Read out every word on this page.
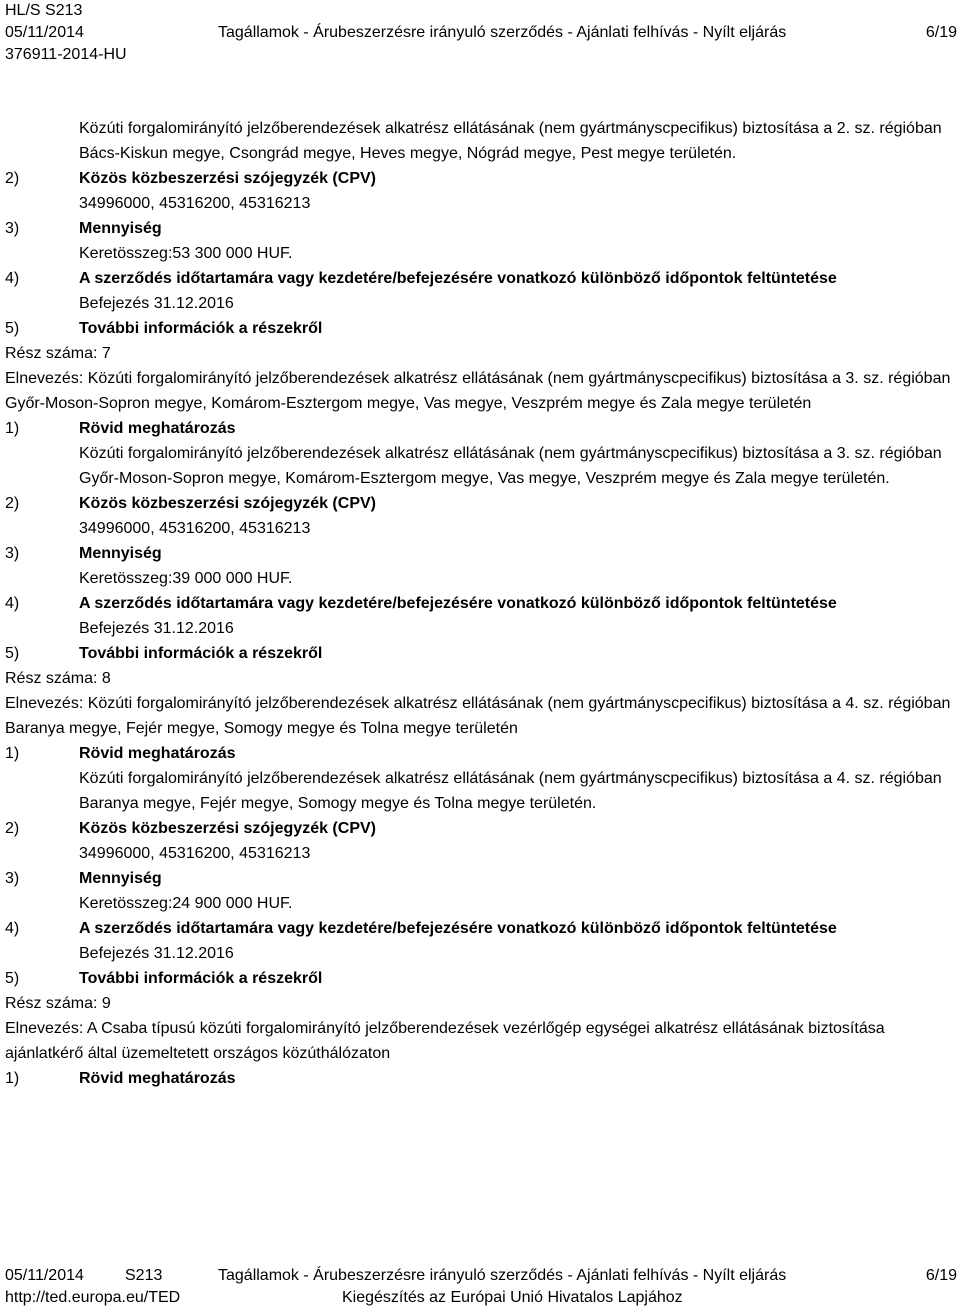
HL/S S213
05/11/2014	Tagállamok - Árubeszerzésre irányuló szerződés - Ajánlati felhívás - Nyílt eljárás	6/19
376911-2014-HU

Közúti forgalomirányító jelzőberendezések alkatrész ellátásának (nem gyártmányscpecifikus) biztosítása a 2. sz. régióban Bács-Kiskun megye, Csongrád megye, Heves megye, Nógrád megye, Pest megye területén.

2)	Közös közbeszerzési szójegyzék (CPV)

34996000, 45316200, 45316213

3)	Mennyiség

Keretösszeg:53 300 000 HUF.

4)	A szerződés időtartamára vagy kezdetére/befejezésére vonatkozó különböző időpontok feltüntetése

Befejezés 31.12.2016

5)	További információk a részekről

Rész száma: 7

Elnevezés: Közúti forgalomirányító jelzőberendezések alkatrész ellátásának (nem gyártmányscpecifikus) biztosítása a 3. sz. régióban Győr-Moson-Sopron megye, Komárom-Esztergom megye, Vas megye, Veszprém megye és Zala megye területén

1)	Rövid meghatározás

Közúti forgalomirányító jelzőberendezések alkatrész ellátásának (nem gyártmányscpecifikus) biztosítása a 3. sz. régióban Győr-Moson-Sopron megye, Komárom-Esztergom megye, Vas megye, Veszprém megye és Zala megye területén.

2)	Közös közbeszerzési szójegyzék (CPV)

34996000, 45316200, 45316213

3)	Mennyiség

Keretösszeg:39 000 000 HUF.

4)	A szerződés időtartamára vagy kezdetére/befejezésére vonatkozó különböző időpontok feltüntetése

Befejezés 31.12.2016

5)	További információk a részekről

Rész száma: 8

Elnevezés: Közúti forgalomirányító jelzőberendezések alkatrész ellátásának (nem gyártmányscpecifikus) biztosítása a 4. sz. régióban Baranya megye, Fejér megye, Somogy megye és Tolna megye területén

1)	Rövid meghatározás

Közúti forgalomirányító jelzőberendezések alkatrész ellátásának (nem gyártmányscpecifikus) biztosítása a 4. sz. régióban Baranya megye, Fejér megye, Somogy megye és Tolna megye területén.

2)	Közös közbeszerzési szójegyzék (CPV)

34996000, 45316200, 45316213

3)	Mennyiség

Keretösszeg:24 900 000 HUF.

4)	A szerződés időtartamára vagy kezdetére/befejezésére vonatkozó különböző időpontok feltüntetése

Befejezés 31.12.2016

5)	További információk a részekről

Rész száma: 9

Elnevezés: A Csaba típusú közúti forgalomirányító jelzőberendezések vezérlőgép egységei alkatrész ellátásának biztosítása ajánlatkérő által üzemeltetett országos közúthálózaton

1)	Rövid meghatározás
05/11/2014	S213	Tagállamok - Árubeszerzésre irányuló szerződés - Ajánlati felhívás - Nyílt eljárás	6/19
http://ted.europa.eu/TED	Kiegészítés az Európai Unió Hivatalos Lapjához
